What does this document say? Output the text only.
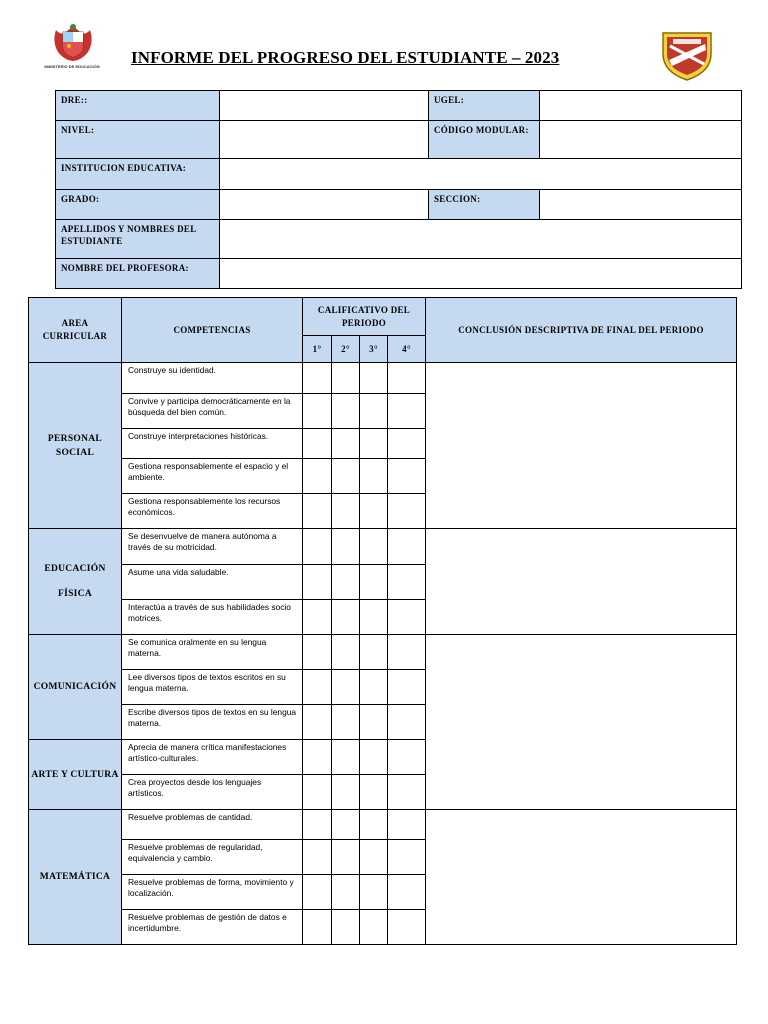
MINISTERIO DE EDUCACIÓN INFORME DEL PROGRESO DEL ESTUDIANTE – 2023
DRE::		UGEL:	
NIVEL:		CÓDIGO MODULAR:	
INSTITUCION EDUCATIVA:			
GRADO:		SECCION:	
APELLIDOS Y NOMBRES DEL ESTUDIANTE			
NOMBRE DEL PROFESORA:			
AREA CURRICULAR	COMPETENCIAS	CALIFICATIVO DEL PERIODO				CONCLUSIÓN DESCRIPTIVA DE FINAL DEL PERIODO
		1°	2°	3°	4°	
PERSONAL SOCIAL	Construye su identidad.					
	Convive y participa democráticamente en la búsqueda del bien común.					
	Construye interpretaciones históricas.					
	Gestiona responsablemente el espacio y el ambiente.					
	Gestiona responsablemente los recursos económicos.					

EDUCACIÓN
FÍSICA	Se desenvuelve de manera autónoma a través de su motricidad.					
	Asume una vida saludable.					
	Interactúa a través de sus habilidades socio motrices.					
COMUNICACIÓN	Se comunica oralmente en su lengua materna.					
	Lee diversos tipos de textos escritos en su lengua materna.					
	Escribe diversos tipos de textos en su lengua materna.					
ARTE Y CULTURA	Aprecia de manera crítica manifestaciones artístico-culturales.					
	Crea proyectos desde los lenguajes artísticos.					
MATEMÁTICA	Resuelve problemas de cantidad.					
	Resuelve problemas de regularidad, equivalencia y cambio.					
	Resuelve problemas de forma, movimiento y localización.					
	Resuelve problemas de gestión de datos e incertidumbre.					
